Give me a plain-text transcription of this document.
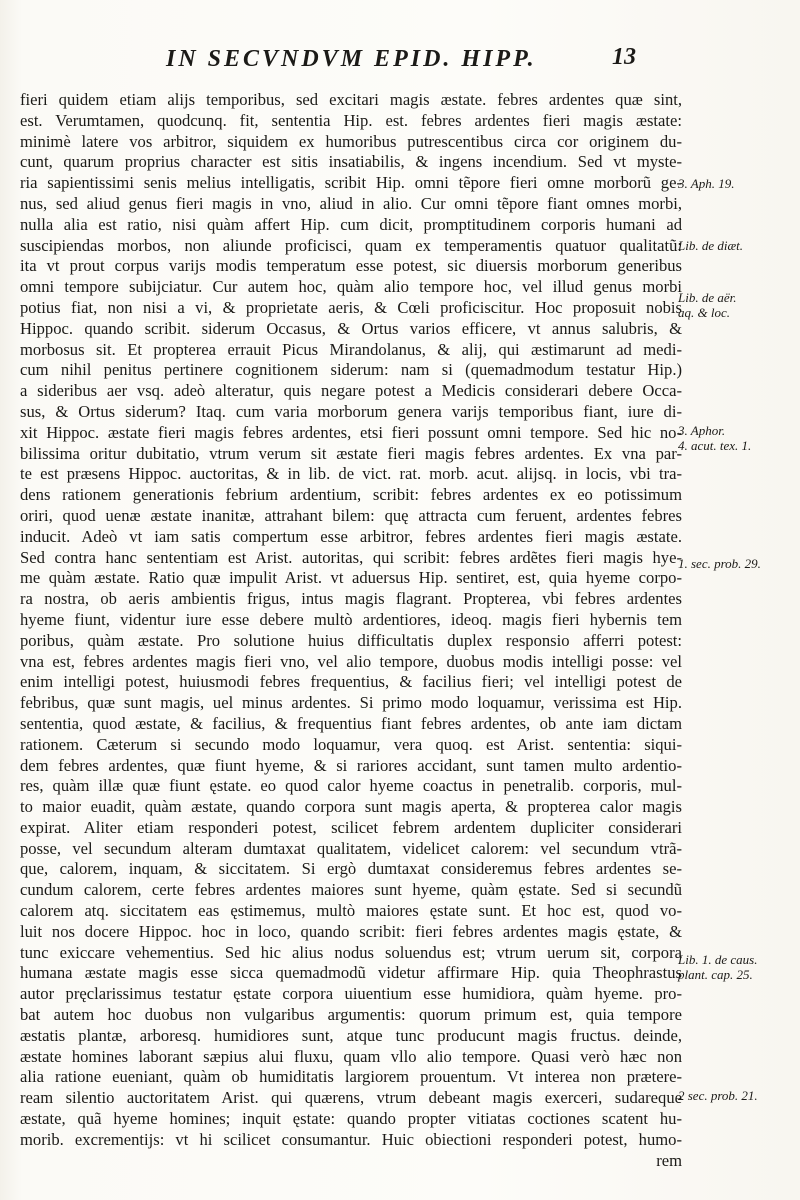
IN SECVNDVM EPID. HIPP.	13
fieri quidem etiam alijs temporibus, sed excitari magis æstate. febres ardentes quæ sint,
est. Verumtamen, quodcunq. fit, sententia Hip. est. febres ardentes fieri magis æstate:
minimè latere vos arbitror, siquidem ex humoribus putrescentibus circa cor originem du-
cunt, quarum proprius character est sitis insatiabilis, & ingens incendium. Sed vt myste-
ria sapientissimi senis melius intelligatis, scribit Hip. omni tẽpore fieri omne morborũ ge-
nus, sed aliud genus fieri magis in vno, aliud in alio. Cur omni tẽpore fiant omnes morbi,
nulla alia est ratio, nisi quàm affert Hip. cum dicit, promptitudinem corporis humani ad
suscipiendas morbos, non aliunde proficisci, quam ex temperamentis quatuor qualitatũ:
ita vt prout corpus varijs modis temperatum esse potest, sic diuersis morborum generibus
omni tempore subijciatur. Cur autem hoc, quàm alio tempore hoc, vel illud genus morbi
potius fiat, non nisi a vi, & proprietate aeris, & Cœli proficiscitur. Hoc proposuit nobis
Hippoc. quando scribit. siderum Occasus, & Ortus varios efficere, vt annus salubris, &
morbosus sit. Et propterea errauit Picus Mirandolanus, & alij, qui æstimarunt ad medi-
cum nihil penitus pertinere cognitionem siderum: nam si (quemadmodum testatur Hip.)
a sideribus aer vsq. adeò alteratur, quis negare potest a Medicis considerari debere Occa-
sus, & Ortus siderum? Itaq. cum varia morborum genera varijs temporibus fiant, iure di-
xit Hippoc. æstate fieri magis febres ardentes, etsi fieri possunt omni tempore. Sed hic no-
bilissima oritur dubitatio, vtrum verum sit æstate fieri magis febres ardentes. Ex vna par-
te est præsens Hippoc. auctoritas, & in lib. de vict. rat. morb. acut. alijsq. in locis, vbi tra-
dens rationem generationis febrium ardentium, scribit: febres ardentes ex eo potissimum
oriri, quod uenæ æstate inanitæ, attrahant bilem: quę attracta cum feruent, ardentes febres
inducit. Adeò vt iam satis compertum esse arbitror, febres ardentes fieri magis æstate.
Sed contra hanc sententiam est Arist. autoritas, qui scribit: febres ardẽtes fieri magis hye-
me quàm æstate. Ratio quæ impulit Arist. vt aduersus Hip. sentiret, est, quia hyeme corpo-
ra nostra, ob aeris ambientis frigus, intus magis flagrant. Propterea, vbi febres ardentes
hyeme fiunt, videntur iure esse debere multò ardentiores, ideoq. magis fieri hybernis tem
poribus, quàm æstate. Pro solutione huius difficultatis duplex responsio afferri potest:
vna est, febres ardentes magis fieri vno, vel alio tempore, duobus modis intelligi posse: vel
enim intelligi potest, huiusmodi febres frequentius, & facilius fieri; vel intelligi potest de
febribus, quæ sunt magis, uel minus ardentes. Si primo modo loquamur, verissima est Hip.
sententia, quod æstate, & facilius, & frequentius fiant febres ardentes, ob ante iam dictam
rationem. Cæterum si secundo modo loquamur, vera quoq. est Arist. sententia: siqui-
dem febres ardentes, quæ fiunt hyeme, & si rariores accidant, sunt tamen multo ardentio-
res, quàm illæ quæ fiunt ęstate. eo quod calor hyeme coactus in penetralib. corporis, mul-
to maior euadit, quàm æstate, quando corpora sunt magis aperta, & propterea calor magis
expirat. Aliter etiam responderi potest, scilicet febrem ardentem dupliciter considerari
posse, vel secundum alteram dumtaxat qualitatem, videlicet calorem: vel secundum vtrã-
que, calorem, inquam, & siccitatem. Si ergò dumtaxat consideremus febres ardentes se-
cundum calorem, certe febres ardentes maiores sunt hyeme, quàm ęstate. Sed si secundũ
calorem atq. siccitatem eas ęstimemus, multò maiores ęstate sunt. Et hoc est, quod vo-
luit nos docere Hippoc. hoc in loco, quando scribit: fieri febres ardentes magis ęstate, &
tunc exiccare vehementius. Sed hic alius nodus soluendus est; vtrum uerum sit, corpora
humana æstate magis esse sicca quemadmodũ videtur affirmare Hip. quia Theophrastus
autor pręclarissimus testatur ęstate corpora uiuentium esse humidiora, quàm hyeme. pro-
bat autem hoc duobus non vulgaribus argumentis: quorum primum est, quia tempore
æstatis plantæ, arboresq. humidiores sunt, atque tunc producunt magis fructus. deinde,
æstate homines laborant sæpius alui fluxu, quam vllo alio tempore. Quasi verò hæc non
alia ratione eueniant, quàm ob humiditatis largiorem prouentum. Vt interea non prætere-
ream silentio auctoritatem Arist. qui quærens, vtrum debeant magis exerceri, sudareque
æstate, quã hyeme homines; inquit ęstate: quando propter vitiatas coctiones scatent hu-
morib. excrementijs: vt hi scilicet consumantur. Huic obiectioni responderi potest, humo-
rem
3. Aph. 19.
Lib. de diæt.
Lib. de aër.
aq. & loc.
3. Aphor.
4. acut. tex. 1.
1. sec. prob. 29.
Lib. 1. de caus.
plant. cap. 25.
2 sec. prob. 21.
